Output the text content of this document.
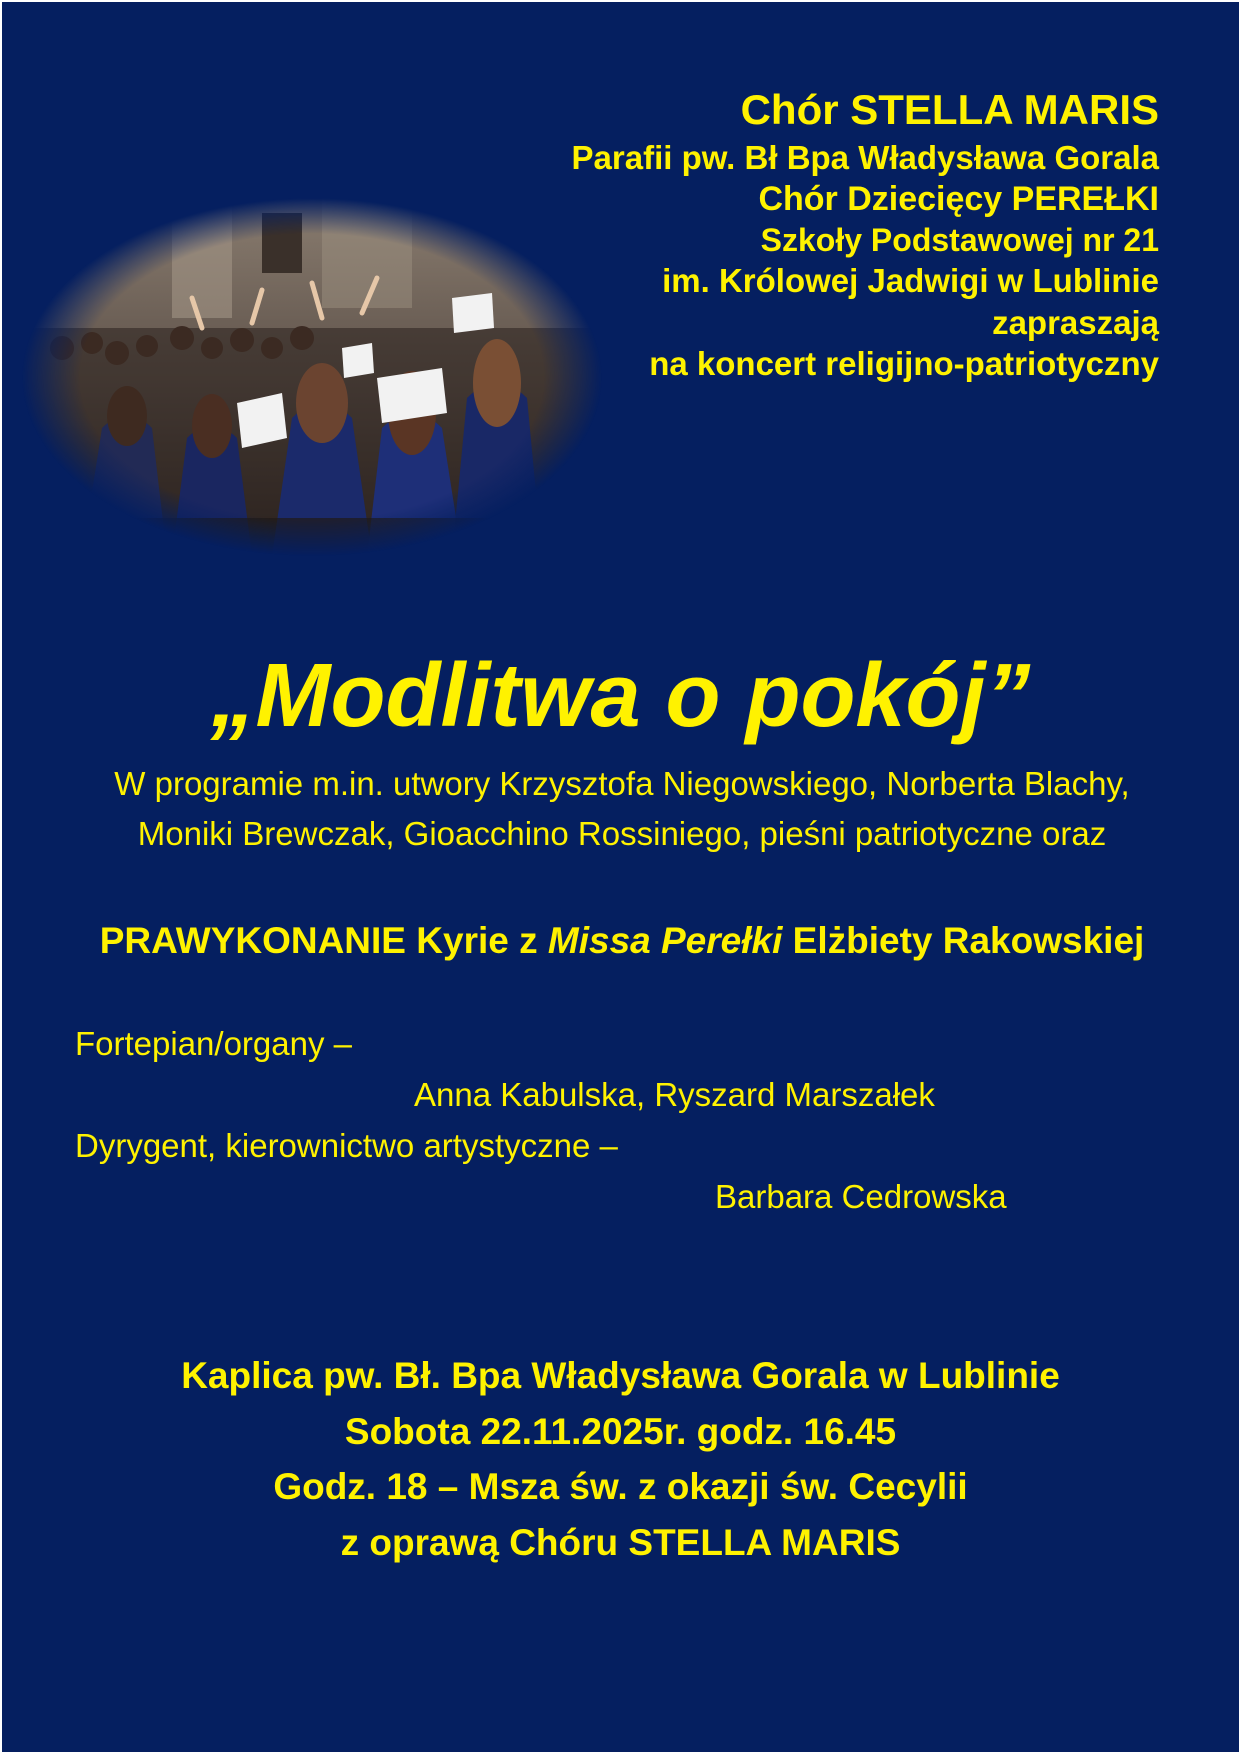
Chór STELLA MARIS
Parafii pw. Bł Bpa Władysława Gorala
Chór Dziecięcy PEREŁKI
Szkoły Podstawowej nr 21
im. Królowej Jadwigi w Lublinie
zapraszają
na koncert religijno-patriotyczny
„Modlitwa o pokój”
W programie m.in. utwory Krzysztofa Niegowskiego, Norberta Blachy, Moniki Brewczak, Gioacchino Rossiniego, pieśni patriotyczne oraz
PRAWYKONANIE Kyrie z Missa Perełki Elżbiety Rakowskiej
Fortepian/organy –
Anna Kabulska, Ryszard Marszałek
Dyrygent, kierownictwo artystyczne –
Barbara Cedrowska
Kaplica pw. Bł. Bpa Władysława Gorala w Lublinie
Sobota 22.11.2025r. godz. 16.45
Godz. 18 – Msza św. z okazji św. Cecylii
z oprawą Chóru STELLA MARIS
